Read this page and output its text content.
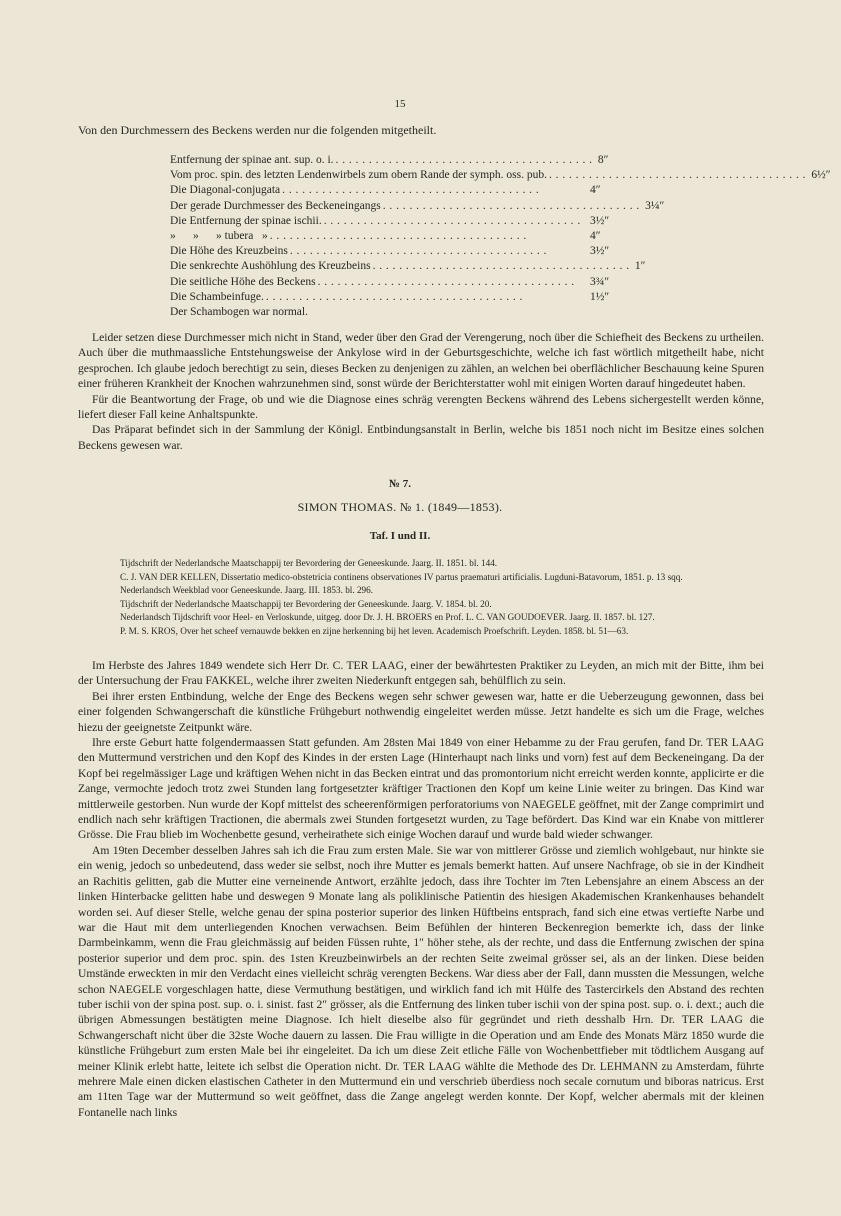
15
Von den Durchmessern des Beckens werden nur die folgenden mitgetheilt.
Entfernung der spinae ant. sup. o. i. ....................................... 8″
Vom proc. spin. des letzten Lendenwirbels zum obern Rande der symph. oss. pub. ....................................... 6½″
Die Diagonal-conjugata .......................................	4″
Der gerade Durchmesser des Beckeneingangs ....................................... 3¼″
Die Entfernung der spinae ischii. ....................................... 3½″
»      »      » tubera   » .......................................	4″
Die Höhe des Kreuzbeins .......................................	3½″
Die senkrechte Aushöhlung des Kreuzbeins ....................................... 1″
Die seitliche Höhe des Beckens .......................................	3¾″
Die Schambeinfuge. .......................................	1½″
Der Schambogen war normal.

Leider setzen diese Durchmesser mich nicht in Stand, weder über den Grad der Verengerung, noch über die Schiefheit des Beckens zu urtheilen. Auch über die muthmaassliche Entstehungsweise der Ankylose wird in der Geburtsgeschichte, welche ich fast wörtlich mitgetheilt habe, nicht gesprochen. Ich glaube jedoch berechtigt zu sein, dieses Becken zu denjenigen zu zählen, an welchen bei oberflächlicher Beschauung keine Spuren einer früheren Krankheit der Knochen wahrzunehmen sind, sonst würde der Berichterstatter wohl mit einigen Worten darauf hingedeutet haben.

Für die Beantwortung der Frage, ob und wie die Diagnose eines schräg verengten Beckens während des Lebens sichergestellt werden könne, liefert dieser Fall keine Anhaltspunkte.

Das Präparat befindet sich in der Sammlung der Königl. Entbindungsanstalt in Berlin, welche bis 1851 noch nicht im Besitze eines solchen Beckens gewesen war.

№ 7.
SIMON THOMAS. № 1. (1849—1853).
Taf. I und II.
Tijdschrift der Nederlandsche Maatschappij ter Bevordering der Geneeskunde. Jaarg. II. 1851. bl. 144.
C. J. VAN DER KELLEN, Dissertatio medico-obstetricia continens observationes IV partus praematuri artificialis. Lugduni-Batavorum, 1851. p. 13 sqq.
Nederlandsch Weekblad voor Geneeskunde. Jaarg. III. 1853. bl. 296.
Tijdschrift der Nederlandsche Maatschappij ter Bevordering der Geneeskunde. Jaarg. V. 1854. bl. 20.
Nederlandsch Tijdschrift voor Heel- en Verloskunde, uitgeg. door Dr. J. H. BROERS en Prof. L. C. VAN GOUDOEVER. Jaarg. II. 1857. bl. 127.
P. M. S. KROS, Over het scheef vernauwde bekken en zijne herkenning bij het leven. Academisch Proefschrift. Leyden. 1858. bl. 51—63.

Im Herbste des Jahres 1849 wendete sich Herr Dr. C. TER LAAG, einer der bewährtesten Praktiker zu Leyden, an mich mit der Bitte, ihm bei der Untersuchung der Frau FAKKEL, welche ihrer zweiten Niederkunft entgegen sah, behülflich zu sein.

Bei ihrer ersten Entbindung, welche der Enge des Beckens wegen sehr schwer gewesen war, hatte er die Ueberzeugung gewonnen, dass bei einer folgenden Schwangerschaft die künstliche Frühgeburt nothwendig eingeleitet werden müsse. Jetzt handelte es sich um die Frage, welches hiezu der geeignetste Zeitpunkt wäre.

Ihre erste Geburt hatte folgendermaassen Statt gefunden. Am 28sten Mai 1849 von einer Hebamme zu der Frau gerufen, fand Dr. TER LAAG den Muttermund verstrichen und den Kopf des Kindes in der ersten Lage (Hinterhaupt nach links und vorn) fest auf dem Beckeneingang. Da der Kopf bei regelmässiger Lage und kräftigen Wehen nicht in das Becken eintrat und das promontorium nicht erreicht werden konnte, applicirte er die Zange, vermochte jedoch trotz zwei Stunden lang fortgesetzter kräftiger Tractionen den Kopf um keine Linie weiter zu bringen. Das Kind war mittlerweile gestorben. Nun wurde der Kopf mittelst des scheerenförmigen perforatoriums von NAEGELE geöffnet, mit der Zange comprimirt und endlich nach sehr kräftigen Tractionen, die abermals zwei Stunden fortgesetzt wurden, zu Tage befördert. Das Kind war ein Knabe von mittlerer Grösse. Die Frau blieb im Wochenbette gesund, verheirathete sich einige Wochen darauf und wurde bald wieder schwanger.

Am 19ten December desselben Jahres sah ich die Frau zum ersten Male. Sie war von mittlerer Grösse und ziemlich wohlgebaut, nur hinkte sie ein wenig, jedoch so unbedeutend, dass weder sie selbst, noch ihre Mutter es jemals bemerkt hatten. Auf unsere Nachfrage, ob sie in der Kindheit an Rachitis gelitten, gab die Mutter eine verneinende Antwort, erzählte jedoch, dass ihre Tochter im 7ten Lebensjahre an einem Abscess an der linken Hinterbacke gelitten habe und deswegen 9 Monate lang als poliklinische Patientin des hiesigen Akademischen Krankenhauses behandelt worden sei. Auf dieser Stelle, welche genau der spina posterior superior des linken Hüftbeins entsprach, fand sich eine etwas vertiefte Narbe und war die Haut mit dem unterliegenden Knochen verwachsen. Beim Befühlen der hinteren Beckenregion bemerkte ich, dass der linke Darmbeinkamm, wenn die Frau gleichmässig auf beiden Füssen ruhte, 1″ höher stehe, als der rechte, und dass die Entfernung zwischen der spina posterior superior und dem proc. spin. des 1sten Kreuzbeinwirbels an der rechten Seite zweimal grösser sei, als an der linken. Diese beiden Umstände erweckten in mir den Verdacht eines vielleicht schräg verengten Beckens. War diess aber der Fall, dann mussten die Messungen, welche schon NAEGELE vorgeschlagen hatte, diese Vermuthung bestätigen, und wirklich fand ich mit Hülfe des Tastercirkels den Abstand des rechten tuber ischii von der spina post. sup. o. i. sinist. fast 2″ grösser, als die Entfernung des linken tuber ischii von der spina post. sup. o. i. dext.; auch die übrigen Abmessungen bestätigten meine Diagnose. Ich hielt dieselbe also für gegründet und rieth desshalb Hrn. Dr. TER LAAG die Schwangerschaft nicht über die 32ste Woche dauern zu lassen. Die Frau willigte in die Operation und am Ende des Monats März 1850 wurde die künstliche Frühgeburt zum ersten Male bei ihr eingeleitet. Da ich um diese Zeit etliche Fälle von Wochenbettfieber mit tödtlichem Ausgang auf meiner Klinik erlebt hatte, leitete ich selbst die Operation nicht. Dr. TER LAAG wählte die Methode des Dr. LEHMANN zu Amsterdam, führte mehrere Male einen dicken elastischen Catheter in den Muttermund ein und verschrieb überdiess noch secale cornutum und biboras natricus. Erst am 11ten Tage war der Muttermund so weit geöffnet, dass die Zange angelegt werden konnte. Der Kopf, welcher abermals mit der kleinen Fontanelle nach links
